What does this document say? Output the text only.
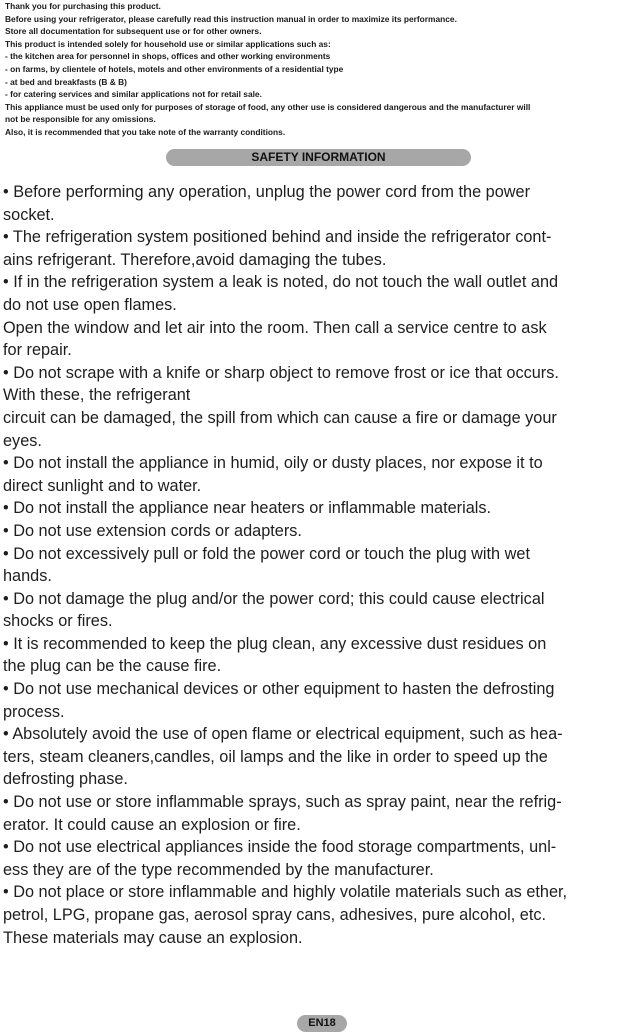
Thank you for purchasing this product.
Before using your refrigerator, please carefully read this instruction manual in order to maximize its performance.
Store all documentation for subsequent use or for other owners.
This product is intended solely for household use or similar applications such as:
- the kitchen area for personnel in shops, offices and other working environments
- on farms, by clientele of hotels, motels and other environments of a residential type
- at bed and breakfasts (B & B)
- for catering services and similar applications not for retail sale.
This appliance must be used only for purposes of storage of food, any other use is considered dangerous and the manufacturer will
not be responsible for any omissions.
Also, it is recommended that you take note of the warranty conditions.
SAFETY INFORMATION
• Before performing any operation, unplug the power cord from the power
socket.
• The refrigeration system positioned behind and inside the refrigerator cont-
ains refrigerant. Therefore,avoid damaging the tubes.
• If in the refrigeration system a leak is noted, do not touch the wall outlet and
do not use open flames.
Open the window and let air into the room. Then call a service centre to ask
for repair.
• Do not scrape with a knife or sharp object to remove frost or ice that occurs.
With these, the refrigerant
circuit can be damaged, the spill from which can cause a fire or damage your
eyes.
• Do not install the appliance in humid, oily or dusty places, nor expose it to
direct sunlight and to water.
• Do not install the appliance near heaters or inflammable materials.
• Do not use extension cords or adapters.
• Do not excessively pull or fold the power cord or touch the plug with wet
hands.
• Do not damage the plug and/or the power cord; this could cause electrical
shocks or fires.
• It is recommended to keep the plug clean, any excessive dust residues on
the plug can be the cause fire.
• Do not use mechanical devices or other equipment to hasten the defrosting
process.
• Absolutely avoid the use of open flame or electrical equipment, such as hea-
ters, steam cleaners,candles, oil lamps and the like in order to speed up the
defrosting phase.
• Do not use or store inflammable sprays, such as spray paint, near the refrig-
erator. It could cause an explosion or fire.
• Do not use electrical appliances inside the food storage compartments, unl-
ess they are of the type recommended by the manufacturer.
• Do not place or store inflammable and highly volatile materials such as ether,
petrol, LPG, propane gas, aerosol spray cans, adhesives, pure alcohol, etc.
These materials may cause an explosion.
EN18
